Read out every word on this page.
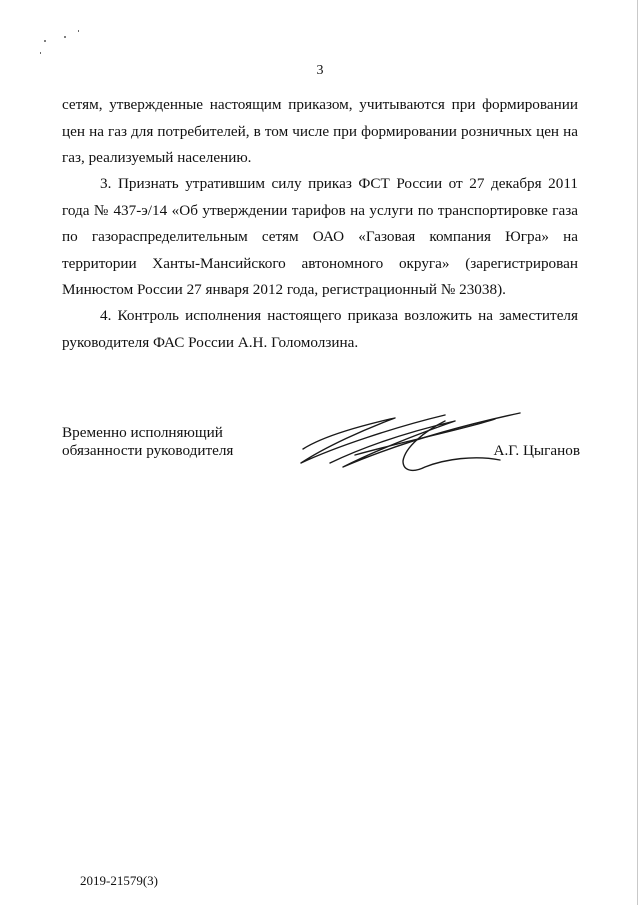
3

сетям, утвержденные настоящим приказом, учитываются при формировании цен на газ для потребителей, в том числе при формировании розничных цен на газ, реализуемый населению.

3. Признать утратившим силу приказ ФСТ России от 27 декабря 2011 года № 437-э/14 «Об утверждении тарифов на услуги по транспортировке газа по газораспределительным сетям ОАО «Газовая компания Югра» на территории Ханты-Мансийского автономного округа» (зарегистрирован Минюстом России 27 января 2012 года, регистрационный № 23038).

4. Контроль исполнения настоящего приказа возложить на заместителя руководителя ФАС России А.Н. Голомолзина.

Временно исполняющий
обязанности руководителя	А.Г. Цыганов
2019-21579(3)
